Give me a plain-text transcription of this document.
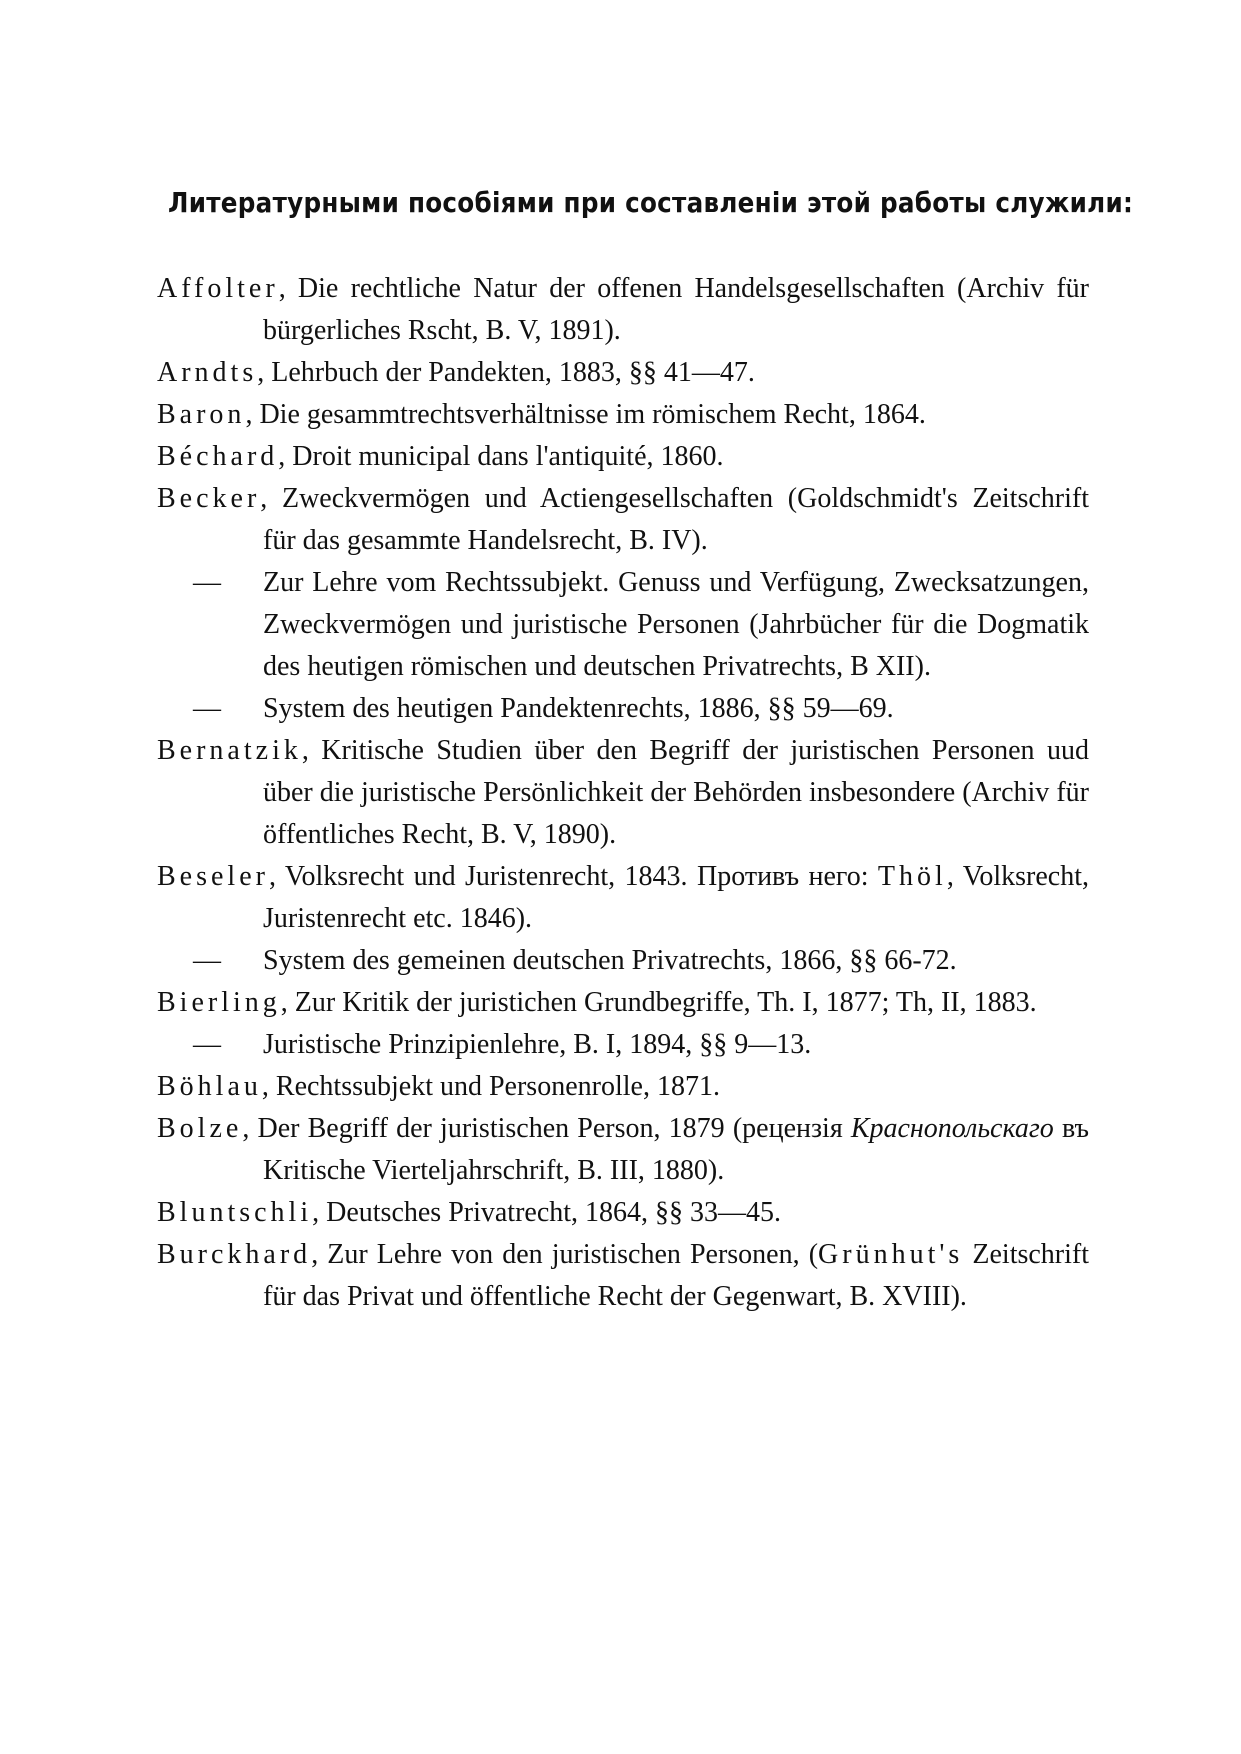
Литературными пособіями при составленіи этой работы служили:

Affolter, Die rechtliche Natur der offenen Handelsgesellschaften (Archiv für bürgerliches Rscht, B. V, 1891).

Arndts, Lehrbuch der Pandekten, 1883, §§ 41—47.

Baron, Die gesammtrechtsverhältnisse im römischem Recht, 1864.

Béchard, Droit municipal dans l'antiquité, 1860.

Becker, Zweckvermögen und Actiengesellschaften (Goldschmidt's Zeitschrift für das gesammte Handelsrecht, B. IV).

— Zur Lehre vom Rechtssubjekt. Genuss und Verfügung, Zwecksatzungen, Zweckvermögen und juristische Personen (Jahrbücher für die Dogmatik des heutigen römischen und deutschen Privatrechts, B XII).

— System des heutigen Pandektenrechts, 1886, §§ 59—69.

Bernatzik, Kritische Studien über den Begriff der juristischen Personen uud über die juristische Persönlichkeit der Behörden insbesondere (Archiv für öffentliches Recht, B. V, 1890).

Beseler, Volksrecht und Juristenrecht, 1843. Противъ него: Thöl, Volksrecht, Juristenrecht etc. 1846).

— System des gemeinen deutschen Privatrechts, 1866, §§ 66-72.

Bierling, Zur Kritik der juristichen Grundbegriffe, Th. I, 1877; Th, II, 1883.

— Juristische Prinzipienlehre, B. I, 1894, §§ 9—13.

Böhlau, Rechtssubjekt und Personenrolle, 1871.

Bolze, Der Begriff der juristischen Person, 1879 (рецензія Краснопольскаго въ Kritische Vierteljahrschrift, B. III, 1880).

Bluntschli, Deutsches Privatrecht, 1864, §§ 33—45.

Burckhard, Zur Lehre von den juristischen Personen, (Grünhut's Zeitschrift für das Privat und öffentliche Recht der Gegenwart, B. XVIII).
